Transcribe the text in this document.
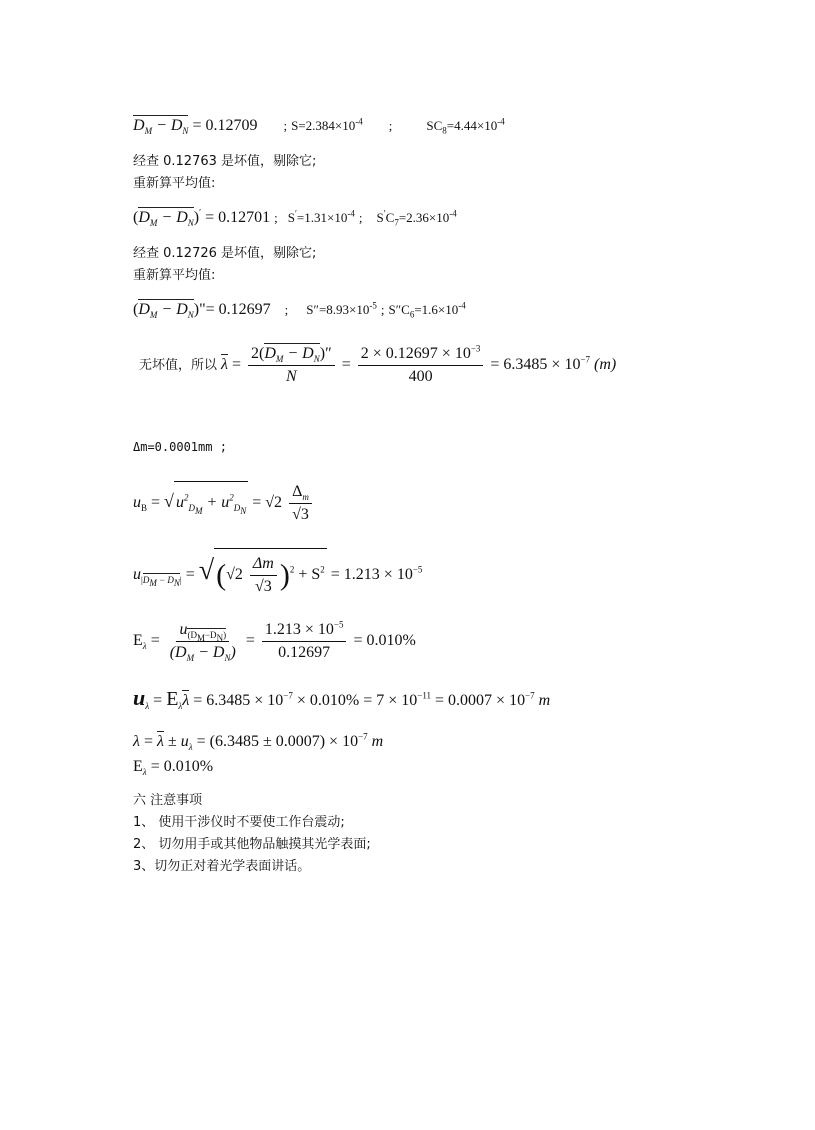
$D_M - D_N = 0.12709$ ; $S=2.384\times 10^{-4}$ ;	$SC_8=4.44\times 10^{-4}$
经查 0.12763 是坏值，剔除它;
重新算平均值:
$(D_M - D_N)' = 0.12701$ ; $S'=1.31\times 10^{-4}$ ; $S'C_7=2.36\times 10^{-4}$
经查 0.12726 是坏值，剔除它;
重新算平均值:
($D_M$ − $D_N)"= 0.12697$ ; $S''=8.93\times 10^{-5}$ ; $S''C_6=1.6\times 10^{-4}$
无坏值，所以 $\lambda = \frac{2(D_M - D_N)''}{N} = \frac{2 \times 0.12697 \times 10^{-3}}{400} = 6.3485 \times 10^{-7}$ (m)
Δm=0.0001mm ;
$u_B$ = √ $u^2_{D_M} + u^2_{D_N} = √2 \frac{\Delta_m}{√3}$
$u_{|D_M - D_N|} = √(√2 \frac{\Delta m}{√3} )^2 + S^2 = 1.213 \times 10^{-5}$
$E_\lambda = \frac{u_{(D_M-D_N)}}{(D_M - D_N)} = \frac{1.213 \times 10^{-5}}{0.12697} = 0.010\%$
$u_\lambda = E_\lambda\lambda = 6.3485 \times 10^{-7} \times 0.010\% = 7 \times 10^{-11} = 0.0007 \times 10^{-7}$ m
$\lambda = \lambda \pm u_\lambda = (6.3485 \pm 0.0007) \times 10^{-7}$ m
$E_\lambda = 0.010\%$
六 注意事项
1、 使用干涉仪时不要使工作台震动;
2、 切勿用手或其他物品触摸其光学表面;
3、切勿正对着光学表面讲话。
